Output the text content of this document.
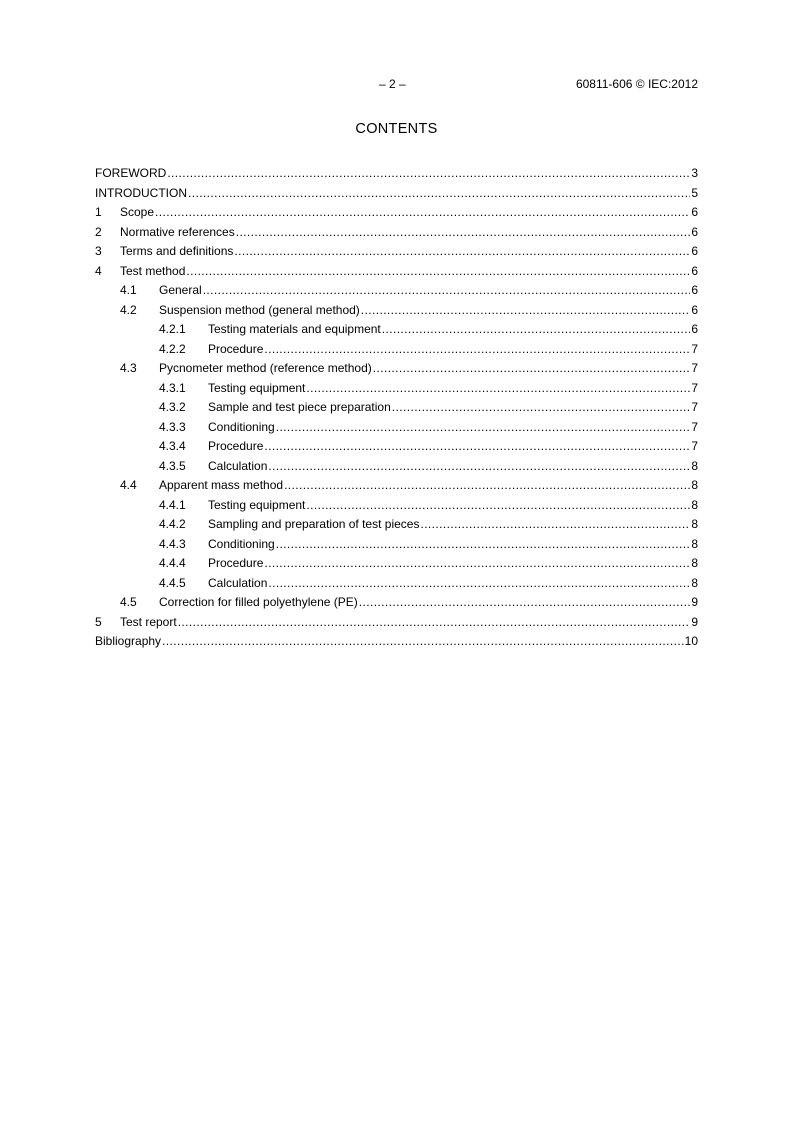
– 2 –	60811-606 © IEC:2012
CONTENTS
FOREWORD .....	3
INTRODUCTION .....	5
1	Scope .....	6
2	Normative references .....	6
3	Terms and definitions .....	6
4	Test method .....	6
4.1	General .....	6
4.2	Suspension method (general method) .....	6
4.2.1	Testing materials and equipment .....	6
4.2.2	Procedure .....	7
4.3	Pycnometer method (reference method) .....	7
4.3.1	Testing equipment .....	7
4.3.2	Sample and test piece preparation .....	7
4.3.3	Conditioning .....	7
4.3.4	Procedure .....	7
4.3.5	Calculation .....	8
4.4	Apparent mass method .....	8
4.4.1	Testing equipment .....	8
4.4.2	Sampling and preparation of test pieces .....	8
4.4.3	Conditioning .....	8
4.4.4	Procedure .....	8
4.4.5	Calculation .....	8
4.5	Correction for filled polyethylene (PE) .....	9
5	Test report .....	9
Bibliography .....	10
